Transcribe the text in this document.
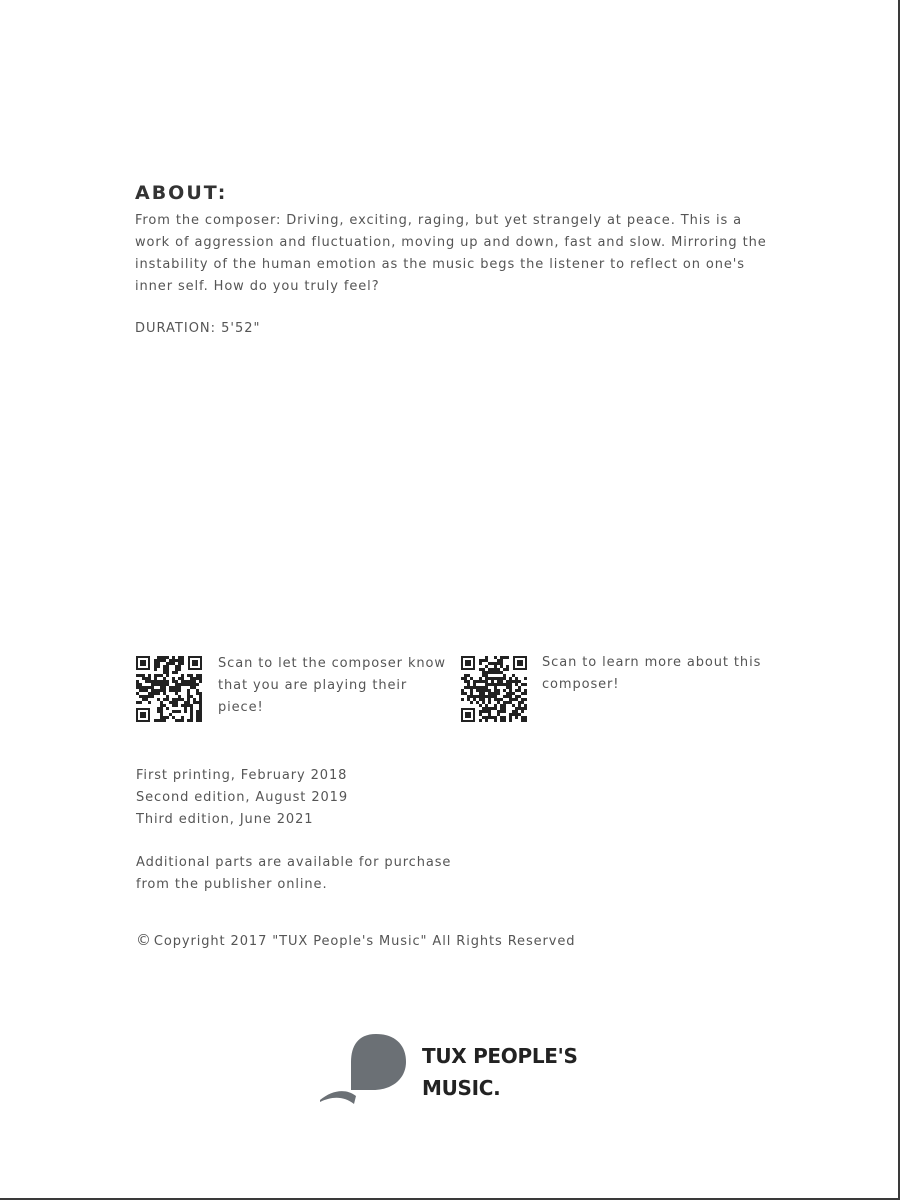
ABOUT:
From the composer: Driving, exciting, raging, but yet strangely at peace. This is a work of aggression and fluctuation, moving up and down, fast and slow. Mirroring the instability of the human emotion as the music begs the listener to reflect on one's inner self. How do you truly feel?
DURATION: 5'52"
Scan to let the composer know that you are playing their piece!
Scan to learn more about this composer!
First printing, February 2018
Second edition, August 2019
Third edition, June 2021
Additional parts are available for purchase from the publisher online.
© Copyright 2017 "TUX People's Music" All Rights Reserved
TUX PEOPLE'S
MUSIC.
